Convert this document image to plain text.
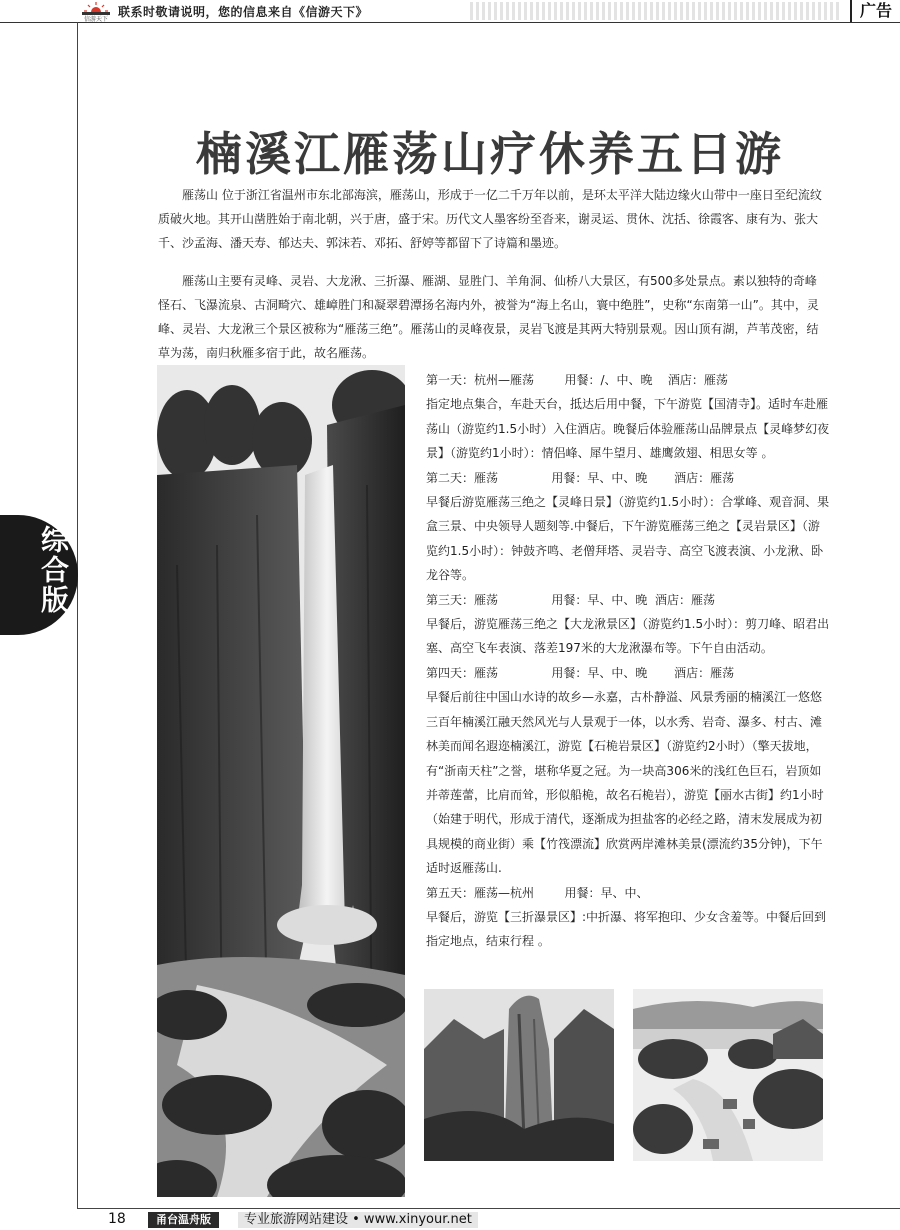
信游天下
联系时敬请说明，您的信息来自《信游天下》	广告
综合版
楠溪江雁荡山疗休养五日游

雁荡山 位于浙江省温州市东北部海滨，雁荡山，形成于一亿二千万年以前，是环太平洋大陆边缘火山带中一座日至纪流纹质破火地。其开山凿胜始于南北朝，兴于唐，盛于宋。历代文人墨客纷至沓来，谢灵运、贯休、沈括、徐霞客、康有为、张大千、沙孟海、潘天寿、郁达夫、郭沫若、邓拓、舒婷等都留下了诗篇和墨迹。

雁荡山主要有灵峰、灵岩、大龙湫、三折瀑、雁湖、显胜门、羊角洞、仙桥八大景区，有500多处景点。素以独特的奇峰怪石、飞瀑流泉、古洞畸穴、雄嶂胜门和凝翠碧潭扬名海内外，被誉为“海上名山，寰中绝胜”，史称“东南第一山”。其中，灵峰、灵岩、大龙湫三个景区被称为“雁荡三绝”。雁荡山的灵峰夜景，灵岩飞渡是其两大特别景观。因山顶有湖，芦苇茂密，结草为荡，南归秋雁多宿于此，故名雁荡。

第一天：杭州—雁荡        用餐：/、中、晚    酒店：雁荡

指定地点集合，车赴天台，抵达后用中餐，下午游览【国清寺】。适时车赴雁荡山（游览约1.5小时）入住酒店。晚餐后体验雁荡山品牌景点【灵峰梦幻夜景】（游览约1小时）：情侣峰、犀牛望月、雄鹰敛翅、相思女等 。

第二天：雁荡              用餐：早、中、晚       酒店：雁荡

早餐后游览雁荡三绝之【灵峰日景】（游览约1.5小时）：合掌峰、观音洞、果盒三景、中央领导人题刻等.中餐后，下午游览雁荡三绝之【灵岩景区】（游览约1.5小时）：钟鼓齐鸣、老僧拜塔、灵岩寺、高空飞渡表演、小龙湫、卧龙谷等。

第三天：雁荡              用餐：早、中、晚  酒店：雁荡

早餐后，游览雁荡三绝之【大龙湫景区】（游览约1.5小时）：剪刀峰、昭君出塞、高空飞车表演、落差197米的大龙湫瀑布等。下午自由活动。

第四天：雁荡              用餐：早、中、晚       酒店：雁荡

早餐后前往中国山水诗的故乡—永嘉，古朴静溢、风景秀丽的楠溪江一悠悠三百年楠溪江融天然风光与人景观于一体，以水秀、岩奇、瀑多、村古、滩林美而闻名遐迩楠溪江，游览【石桅岩景区】（游览约2小时）（擎天拔地，有“浙南天柱”之誉，堪称华夏之冠。为一块高306米的浅红色巨石，岩顶如并蒂莲蕾，比肩而耸，形似船桅，故名石桅岩），游览【丽水古街】约1小时（始建于明代，形成于清代，逐渐成为担盐客的必经之路，清末发展成为初具规模的商业街）乘【竹筏漂流】欣赏两岸滩林美景(漂流约35分钟)，下午适时返雁荡山.

第五天：雁荡—杭州        用餐：早、中、

早餐后，游览【三折瀑景区】:中折瀑、将军抱印、少女含羞等。中餐后回到指定地点，结束行程 。

18	甬台温舟版	专业旅游网站建设 • www.xinyour.net
